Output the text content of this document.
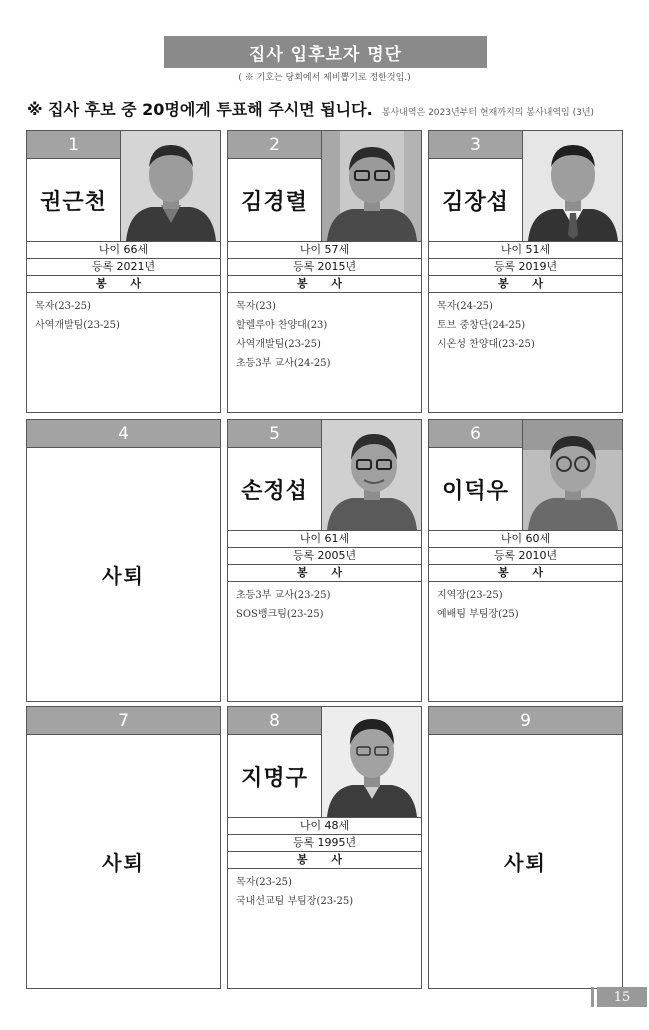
집사 입후보자 명단
( ※ 기호는 당회에서 제비뽑기로 정한것임.)
※ 집사 후보 중 20명에게 투표해 주시면 됩니다. 봉사내역은 2023년부터 현재까지의 봉사내역임 (3년)
1
권근천
나이 66세
등록 2021년
봉 사
목자(23-25)
사역개발팀(23-25)
2
김경렬
나이 57세
등록 2015년
봉 사
목자(23)
할렐루야 찬양대(23)
사역개발팀(23-25)
초등3부 교사(24-25)
3
김장섭
나이 51세
등록 2019년
봉 사
목자(24-25)
토브 중창단(24-25)
시온성 찬양대(23-25)
4
사퇴
5
손정섭
나이 61세
등록 2005년
봉 사
초등3부 교사(23-25)
SOS뱅크팀(23-25)
6
이덕우
나이 60세
등록 2010년
봉 사
지역장(23-25)
예배팀 부팀장(25)
7
사퇴
8
지명구
나이 48세
등록 1995년
봉 사
목자(23-25)
국내선교팀 부팀장(23-25)
9
사퇴
15
